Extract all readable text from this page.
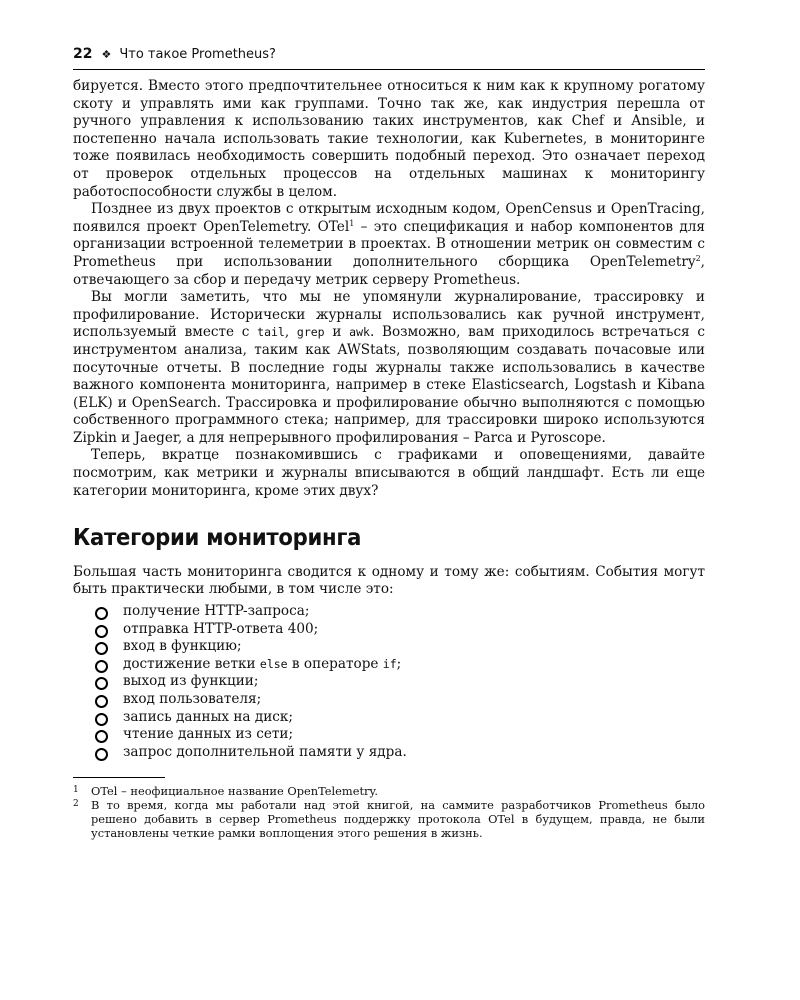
22 ❖ Что такое Prometheus?

бируется. Вместо этого предпочтительнее относиться к ним как к крупному рогатому скоту и управлять ими как группами. Точно так же, как индустрия перешла от ручного управления к использованию таких инструментов, как Chef и Ansible, и постепенно начала использовать такие технологии, как Kubernetes, в мониторинге тоже появилась необходимость совершить подобный переход. Это означает переход от проверок отдельных процессов на отдельных машинах к мониторингу работоспособности службы в целом.

Позднее из двух проектов с открытым исходным кодом, OpenCensus и OpenTracing, появился проект OpenTelemetry. OTel$^1$ – это спецификация и набор компонентов для организации встроенной телеметрии в проектах. В отношении метрик он совместим с Prometheus при использовании дополнительного сборщика OpenTelemetry$^2$, отвечающего за сбор и передачу метрик серверу Prometheus.

Вы могли заметить, что мы не упомянули журналирование, трассировку и профилирование. Исторически журналы использовались как ручной инструмент, используемый вместе с tail, grep и awk. Возможно, вам приходилось встречаться с инструментом анализа, таким как AWStats, позволяющим создавать почасовые или посуточные отчеты. В последние годы журналы также использовались в качестве важного компонента мониторинга, например в стеке Elasticsearch, Logstash и Kibana (ELK) и OpenSearch. Трассировка и профилирование обычно выполняются с помощью собственного программного стека; например, для трассировки широко используются Zipkin и Jaeger, а для непрерывного профилирования – Parca и Pyroscope.

Теперь, вкратце познакомившись с графиками и оповещениями, давайте посмотрим, как метрики и журналы вписываются в общий ландшафт. Есть ли еще категории мониторинга, кроме этих двух?

Категории мониторинга

Большая часть мониторинга сводится к одному и тому же: событиям. События могут быть практически любыми, в том числе это:

получение HTTP-запроса;
отправка HTTP-ответа 400;
вход в функцию;
достижение ветки else в операторе if;
выход из функции;
вход пользователя;
запись данных на диск;
чтение данных из сети;
запрос дополнительной памяти у ядра.
1	OTel – неофициальное название OpenTelemetry.
2	В то время, когда мы работали над этой книгой, на саммите разработчиков Prometheus было решено добавить в сервер Prometheus поддержку протокола OTel в будущем, правда, не были установлены четкие рамки воплощения этого решения в жизнь.
